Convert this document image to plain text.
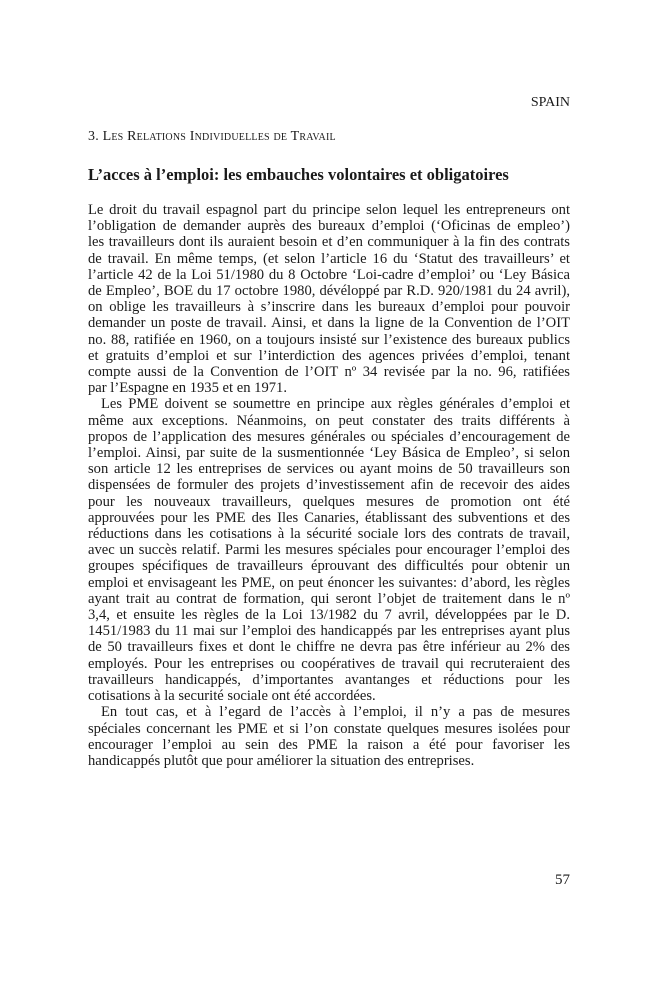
SPAIN
3. Les Relations Individuelles de Travail
L’acces à l’emploi: les embauches volontaires et obligatoires
Le droit du travail espagnol part du principe selon lequel les entrepreneurs ont
l’obligation de demander auprès des bureaux d’emploi (‘Oficinas de empleo’)
les travailleurs dont ils auraient besoin et d’en communiquer à la fin des contrats
de travail. En même temps, (et selon l’article 16 du ‘Statut des travailleurs’ et
l’article 42 de la Loi 51/1980 du 8 Octobre ‘Loi-cadre d’emploi’ ou ‘Ley Básica
de Empleo’, BOE du 17 octobre 1980, dévéloppé par R.D. 920/1981 du 24 avril),
on oblige les travailleurs à s’inscrire dans les bureaux d’emploi pour pouvoir
demander un poste de travail. Ainsi, et dans la ligne de la Convention de l’OIT
no. 88, ratifiée en 1960, on a toujours insisté sur l’existence des bureaux publics
et gratuits d’emploi et sur l’interdiction des agences privées d’emploi, tenant
compte aussi de la Convention de l’OIT nº 34 revisée par la no. 96, ratifiées
par l’Espagne en 1935 et en 1971.
Les PME doivent se soumettre en principe aux règles générales d’emploi et
même aux exceptions. Néanmoins, on peut constater des traits différents à
propos de l’application des mesures générales ou spéciales d’encouragement de
l’emploi. Ainsi, par suite de la susmentionnée ‘Ley Básica de Empleo’, si selon
son article 12 les entreprises de services ou ayant moins de 50 travailleurs son
dispensées de formuler des projets d’investissement afin de recevoir des aides
pour les nouveaux travailleurs, quelques mesures de promotion ont été
approuvées pour les PME des Iles Canaries, établissant des subventions et des
réductions dans les cotisations à la sécurité sociale lors des contrats de travail,
avec un succès relatif. Parmi les mesures spéciales pour encourager l’emploi des
groupes spécifiques de travailleurs éprouvant des difficultés pour obtenir un
emploi et envisageant les PME, on peut énoncer les suivantes: d’abord, les règles
ayant trait au contrat de formation, qui seront l’objet de traitement dans le nº
3,4, et ensuite les règles de la Loi 13/1982 du 7 avril, développées par le D.
1451/1983 du 11 mai sur l’emploi des handicappés par les entreprises ayant plus
de 50 travailleurs fixes et dont le chiffre ne devra pas être inférieur au 2% des
employés. Pour les entreprises ou coopératives de travail qui recruteraient des
travailleurs handicappés, d’importantes avantanges et réductions pour les
cotisations à la securité sociale ont été accordées.
En tout cas, et à l’egard de l’accès à l’emploi, il n’y a pas de mesures
spéciales concernant les PME et si l’on constate quelques mesures isolées pour
encourager l’emploi au sein des PME la raison a été pour favoriser les
handicappés plutôt que pour améliorer la situation des entreprises.
57
